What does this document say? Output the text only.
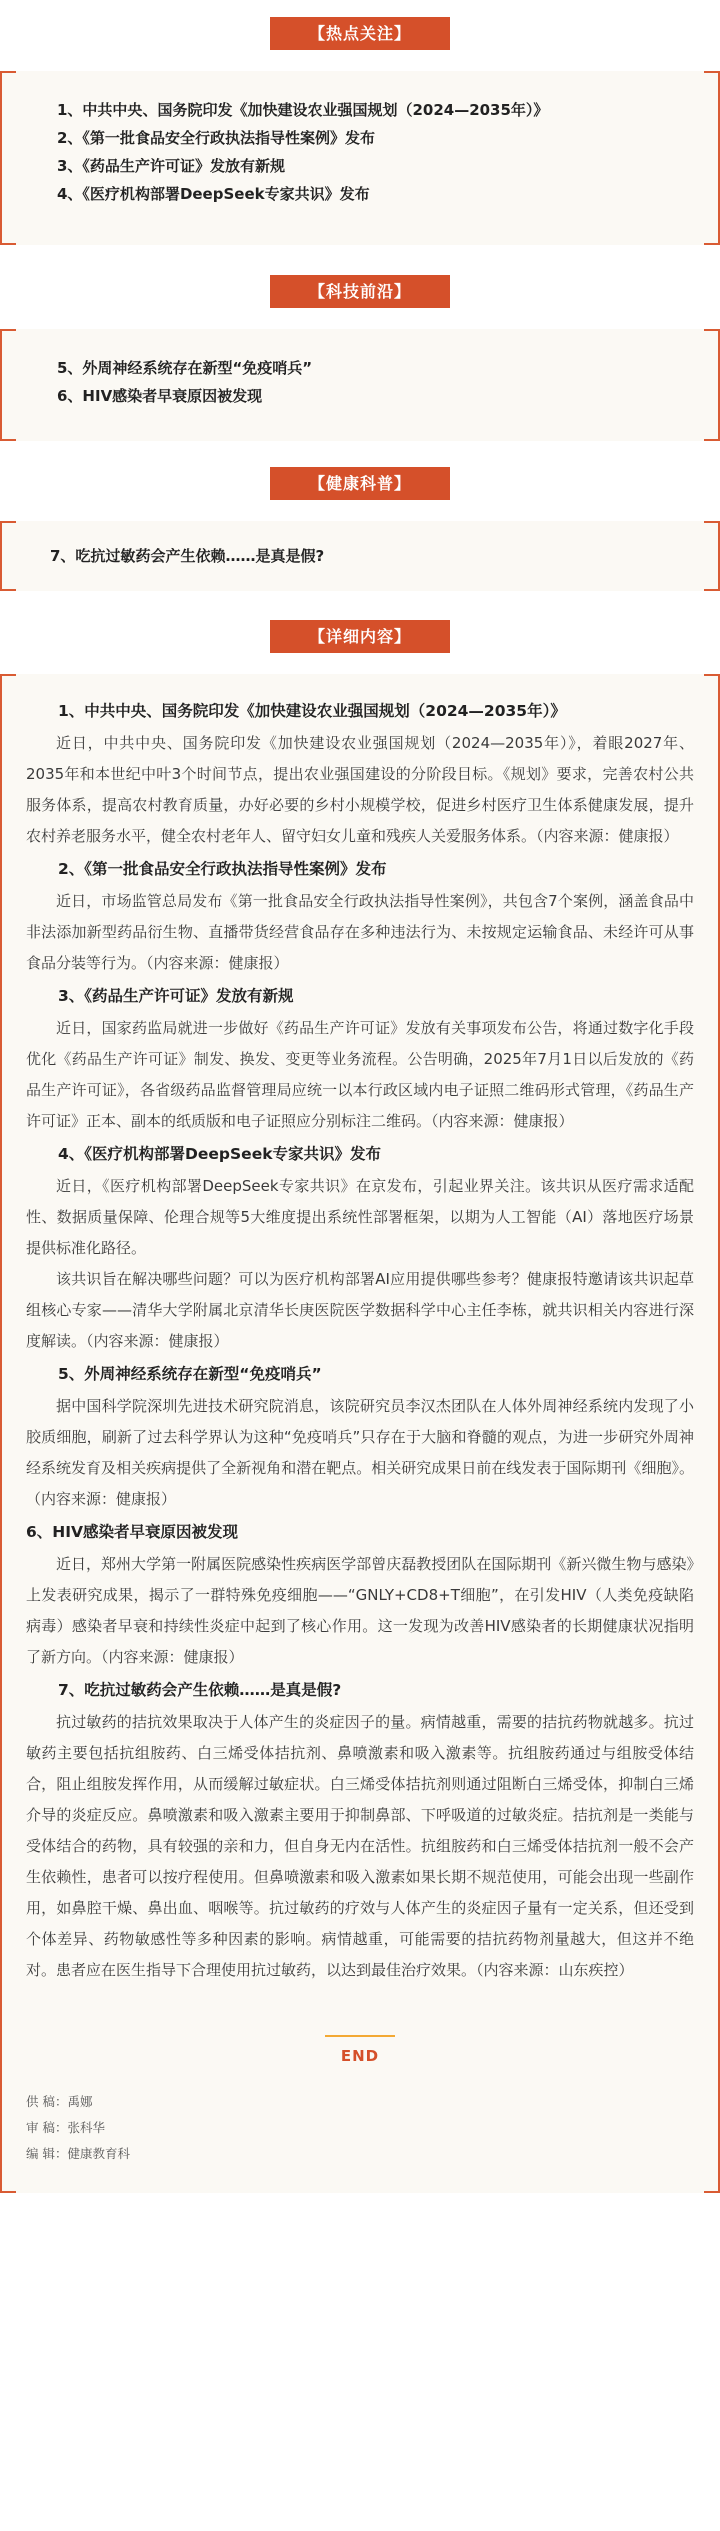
【热点关注】
1、中共中央、国务院印发《加快建设农业强国规划（2024—2035年）》
2、《第一批食品安全行政执法指导性案例》发布
3、《药品生产许可证》发放有新规
4、《医疗机构部署DeepSeek专家共识》发布
【科技前沿】
5、外周神经系统存在新型“免疫哨兵”
6、HIV感染者早衰原因被发现
【健康科普】
7、吃抗过敏药会产生依赖……是真是假?
【详细内容】
1、中共中央、国务院印发《加快建设农业强国规划（2024—2035年）》

近日，中共中央、国务院印发《加快建设农业强国规划（2024—2035年）》，着眼2027年、2035年和本世纪中叶3个时间节点，提出农业强国建设的分阶段目标。《规划》要求，完善农村公共服务体系，提高农村教育质量，办好必要的乡村小规模学校，促进乡村医疗卫生体系健康发展，提升农村养老服务水平，健全农村老年人、留守妇女儿童和残疾人关爱服务体系。（内容来源：健康报）

2、《第一批食品安全行政执法指导性案例》发布

近日，市场监管总局发布《第一批食品安全行政执法指导性案例》，共包含7个案例，涵盖食品中非法添加新型药品衍生物、直播带货经营食品存在多种违法行为、未按规定运输食品、未经许可从事食品分装等行为。（内容来源：健康报）

3、《药品生产许可证》发放有新规

近日，国家药监局就进一步做好《药品生产许可证》发放有关事项发布公告，将通过数字化手段优化《药品生产许可证》制发、换发、变更等业务流程。公告明确，2025年7月1日以后发放的《药品生产许可证》，各省级药品监督管理局应统一以本行政区域内电子证照二维码形式管理，《药品生产许可证》正本、副本的纸质版和电子证照应分别标注二维码。（内容来源：健康报）

4、《医疗机构部署DeepSeek专家共识》发布

近日，《医疗机构部署DeepSeek专家共识》在京发布，引起业界关注。该共识从医疗需求适配性、数据质量保障、伦理合规等5大维度提出系统性部署框架，以期为人工智能（AI）落地医疗场景提供标准化路径。

该共识旨在解决哪些问题？可以为医疗机构部署AI应用提供哪些参考？健康报特邀请该共识起草组核心专家——清华大学附属北京清华长庚医院医学数据科学中心主任李栋，就共识相关内容进行深度解读。（内容来源：健康报）

5、外周神经系统存在新型“免疫哨兵”

据中国科学院深圳先进技术研究院消息，该院研究员李汉杰团队在人体外周神经系统内发现了小胶质细胞，刷新了过去科学界认为这种“免疫哨兵”只存在于大脑和脊髓的观点，为进一步研究外周神经系统发育及相关疾病提供了全新视角和潜在靶点。相关研究成果日前在线发表于国际期刊《细胞》。（内容来源：健康报）

6、HIV感染者早衰原因被发现

近日，郑州大学第一附属医院感染性疾病医学部曾庆磊教授团队在国际期刊《新兴微生物与感染》上发表研究成果，揭示了一群特殊免疫细胞——“GNLY+CD8+T细胞”，在引发HIV（人类免疫缺陷病毒）感染者早衰和持续性炎症中起到了核心作用。这一发现为改善HIV感染者的长期健康状况指明了新方向。（内容来源：健康报）

7、吃抗过敏药会产生依赖……是真是假?

抗过敏药的拮抗效果取决于人体产生的炎症因子的量。病情越重，需要的拮抗药物就越多。抗过敏药主要包括抗组胺药、白三烯受体拮抗剂、鼻喷激素和吸入激素等。抗组胺药通过与组胺受体结合，阻止组胺发挥作用，从而缓解过敏症状。白三烯受体拮抗剂则通过阻断白三烯受体，抑制白三烯介导的炎症反应。鼻喷激素和吸入激素主要用于抑制鼻部、下呼吸道的过敏炎症。拮抗剂是一类能与受体结合的药物，具有较强的亲和力，但自身无内在活性。抗组胺药和白三烯受体拮抗剂一般不会产生依赖性，患者可以按疗程使用。但鼻喷激素和吸入激素如果长期不规范使用，可能会出现一些副作用，如鼻腔干燥、鼻出血、咽喉等。抗过敏药的疗效与人体产生的炎症因子量有一定关系，但还受到个体差异、药物敏感性等多种因素的影响。病情越重，可能需要的拮抗药物剂量越大，但这并不绝对。患者应在医生指导下合理使用抗过敏药，以达到最佳治疗效果。（内容来源：山东疾控）

END
供 稿：禹娜
审 稿：张科华
编 辑：健康教育科
